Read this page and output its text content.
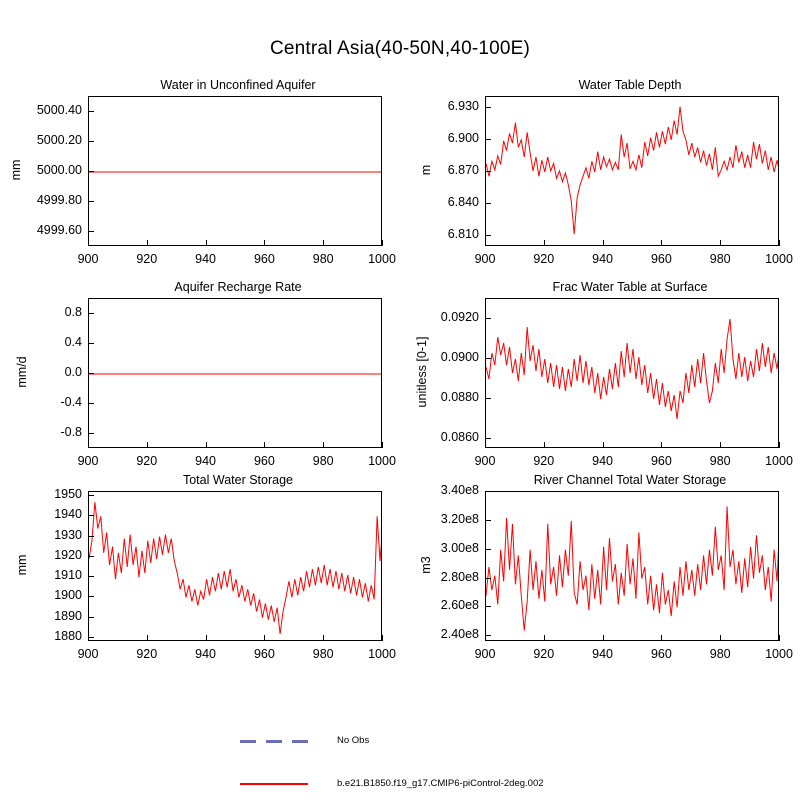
Central Asia(40-50N,40-100E)
Water in Unconfined Aquifer
mm
Water Table Depth
m
Aquifer Recharge Rate
mm/d
Frac Water Table at Surface
unitless [0-1]
Total Water Storage
mm
River Channel Total Water Storage
m3
No Obs
b.e21.B1850.f19_g17.CMIP6-piControl-2deg.002
4999.60
4999.80
5000.00
5000.20
5000.40
900	920	940	960	980	1000
6.810
6.840
6.870
6.900
6.930
900	920	940	960	980	1000
-0.8
-0.4
0.0
0.4
0.8
900	920	940	960	980	1000
0.0860
0.0880
0.0900
0.0920
900	920	940	960	980	1000
1880
1890
1900
1910
1920
1930
1940
1950
900	920	940	960	980	1000
2.40e8
2.60e8
2.80e8
3.00e8
3.20e8
3.40e8
900	920	940	960	980	1000
